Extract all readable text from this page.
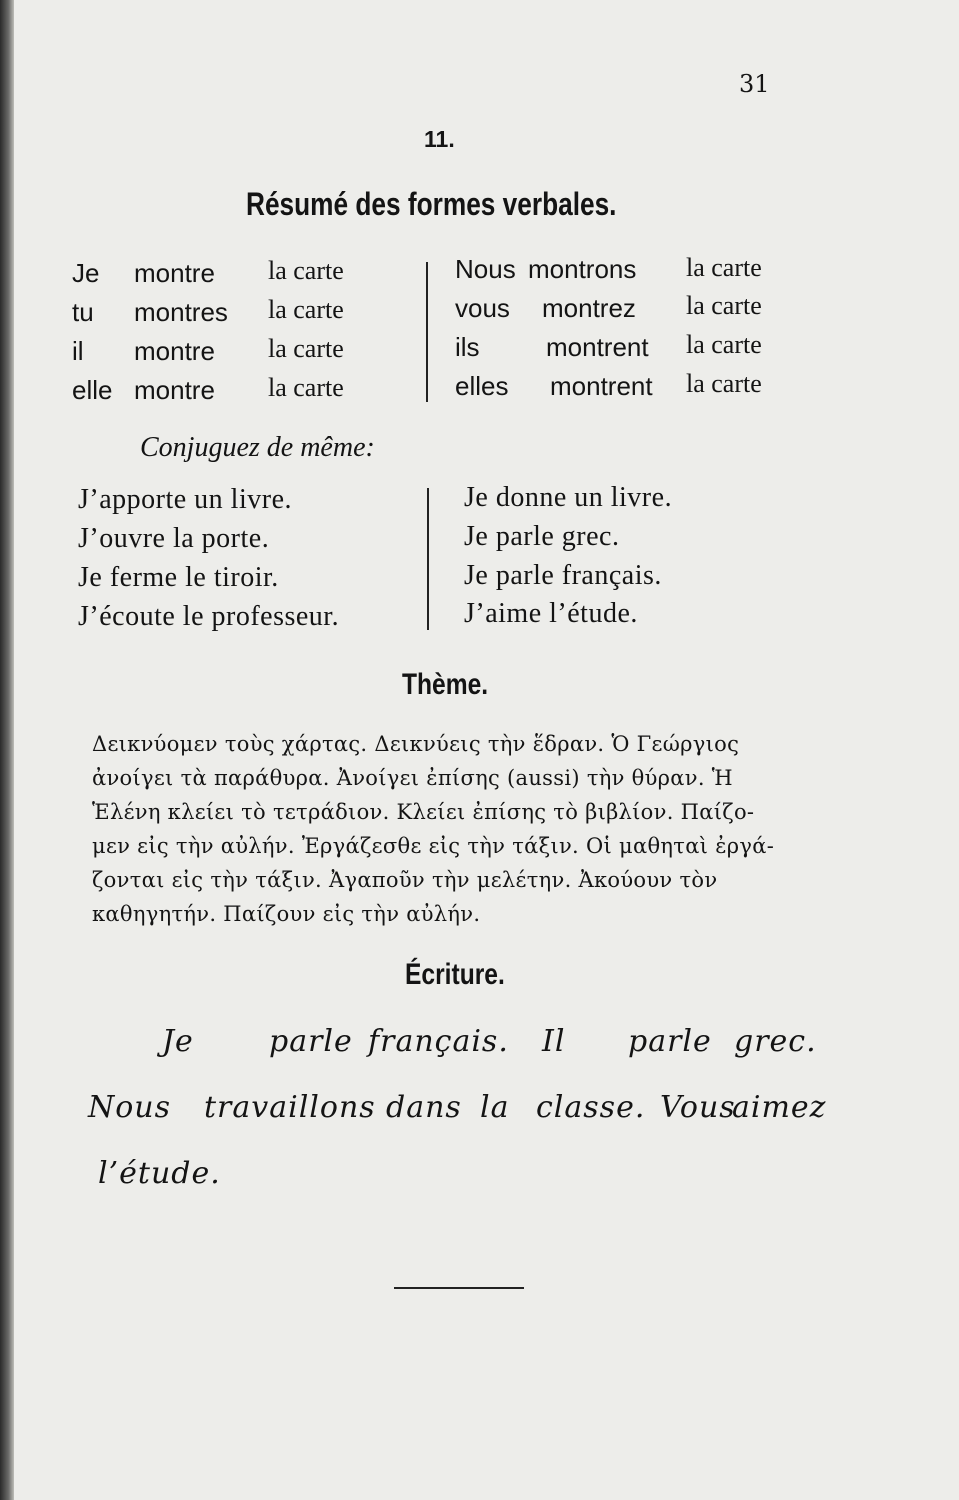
31
11.
Résumé des formes verbales.
Je montre la carte
tu montres la carte
il montre la carte
elle montre la carte
Nous montrons la carte
vous montrez la carte
ils	montrent la carte
elles montrent la carte
Conjuguez de même:
J’apporte un livre.
J’ouvre la porte.
Je ferme le tiroir.
J’écoute le professeur.
Je donne un livre.
Je parle grec.
Je parle français.
J’aime l’étude.
Thème.
Δεικνύομεν τοὺς χάρτας. Δεικνύεις τὴν ἕδραν. Ὁ Γεώργιος
ἀνοίγει τὰ παράθυρα. Ἀνοίγει ἐπίσης (aussi) τὴν θύραν. Ἡ
Ἑλένη κλείει τὸ τετράδιον. Κλείει ἐπίσης τὸ βιβλίον. Παίζο-
μεν εἰς τὴν αὐλήν. Ἐργάζεσθε εἰς τὴν τάξιν. Οἱ μαθηταὶ ἐργά-
ζονται εἰς τὴν τάξιν. Ἀγαποῦν τὴν μελέτην. Ἀκούουν τὸν
καθηγητήν. Παίζουν εἰς τὴν αὐλήν.
Écriture.
Je	parle français. Il parle grec.
Nous travaillons dans la classe. Vous
aimez
l’étude.
